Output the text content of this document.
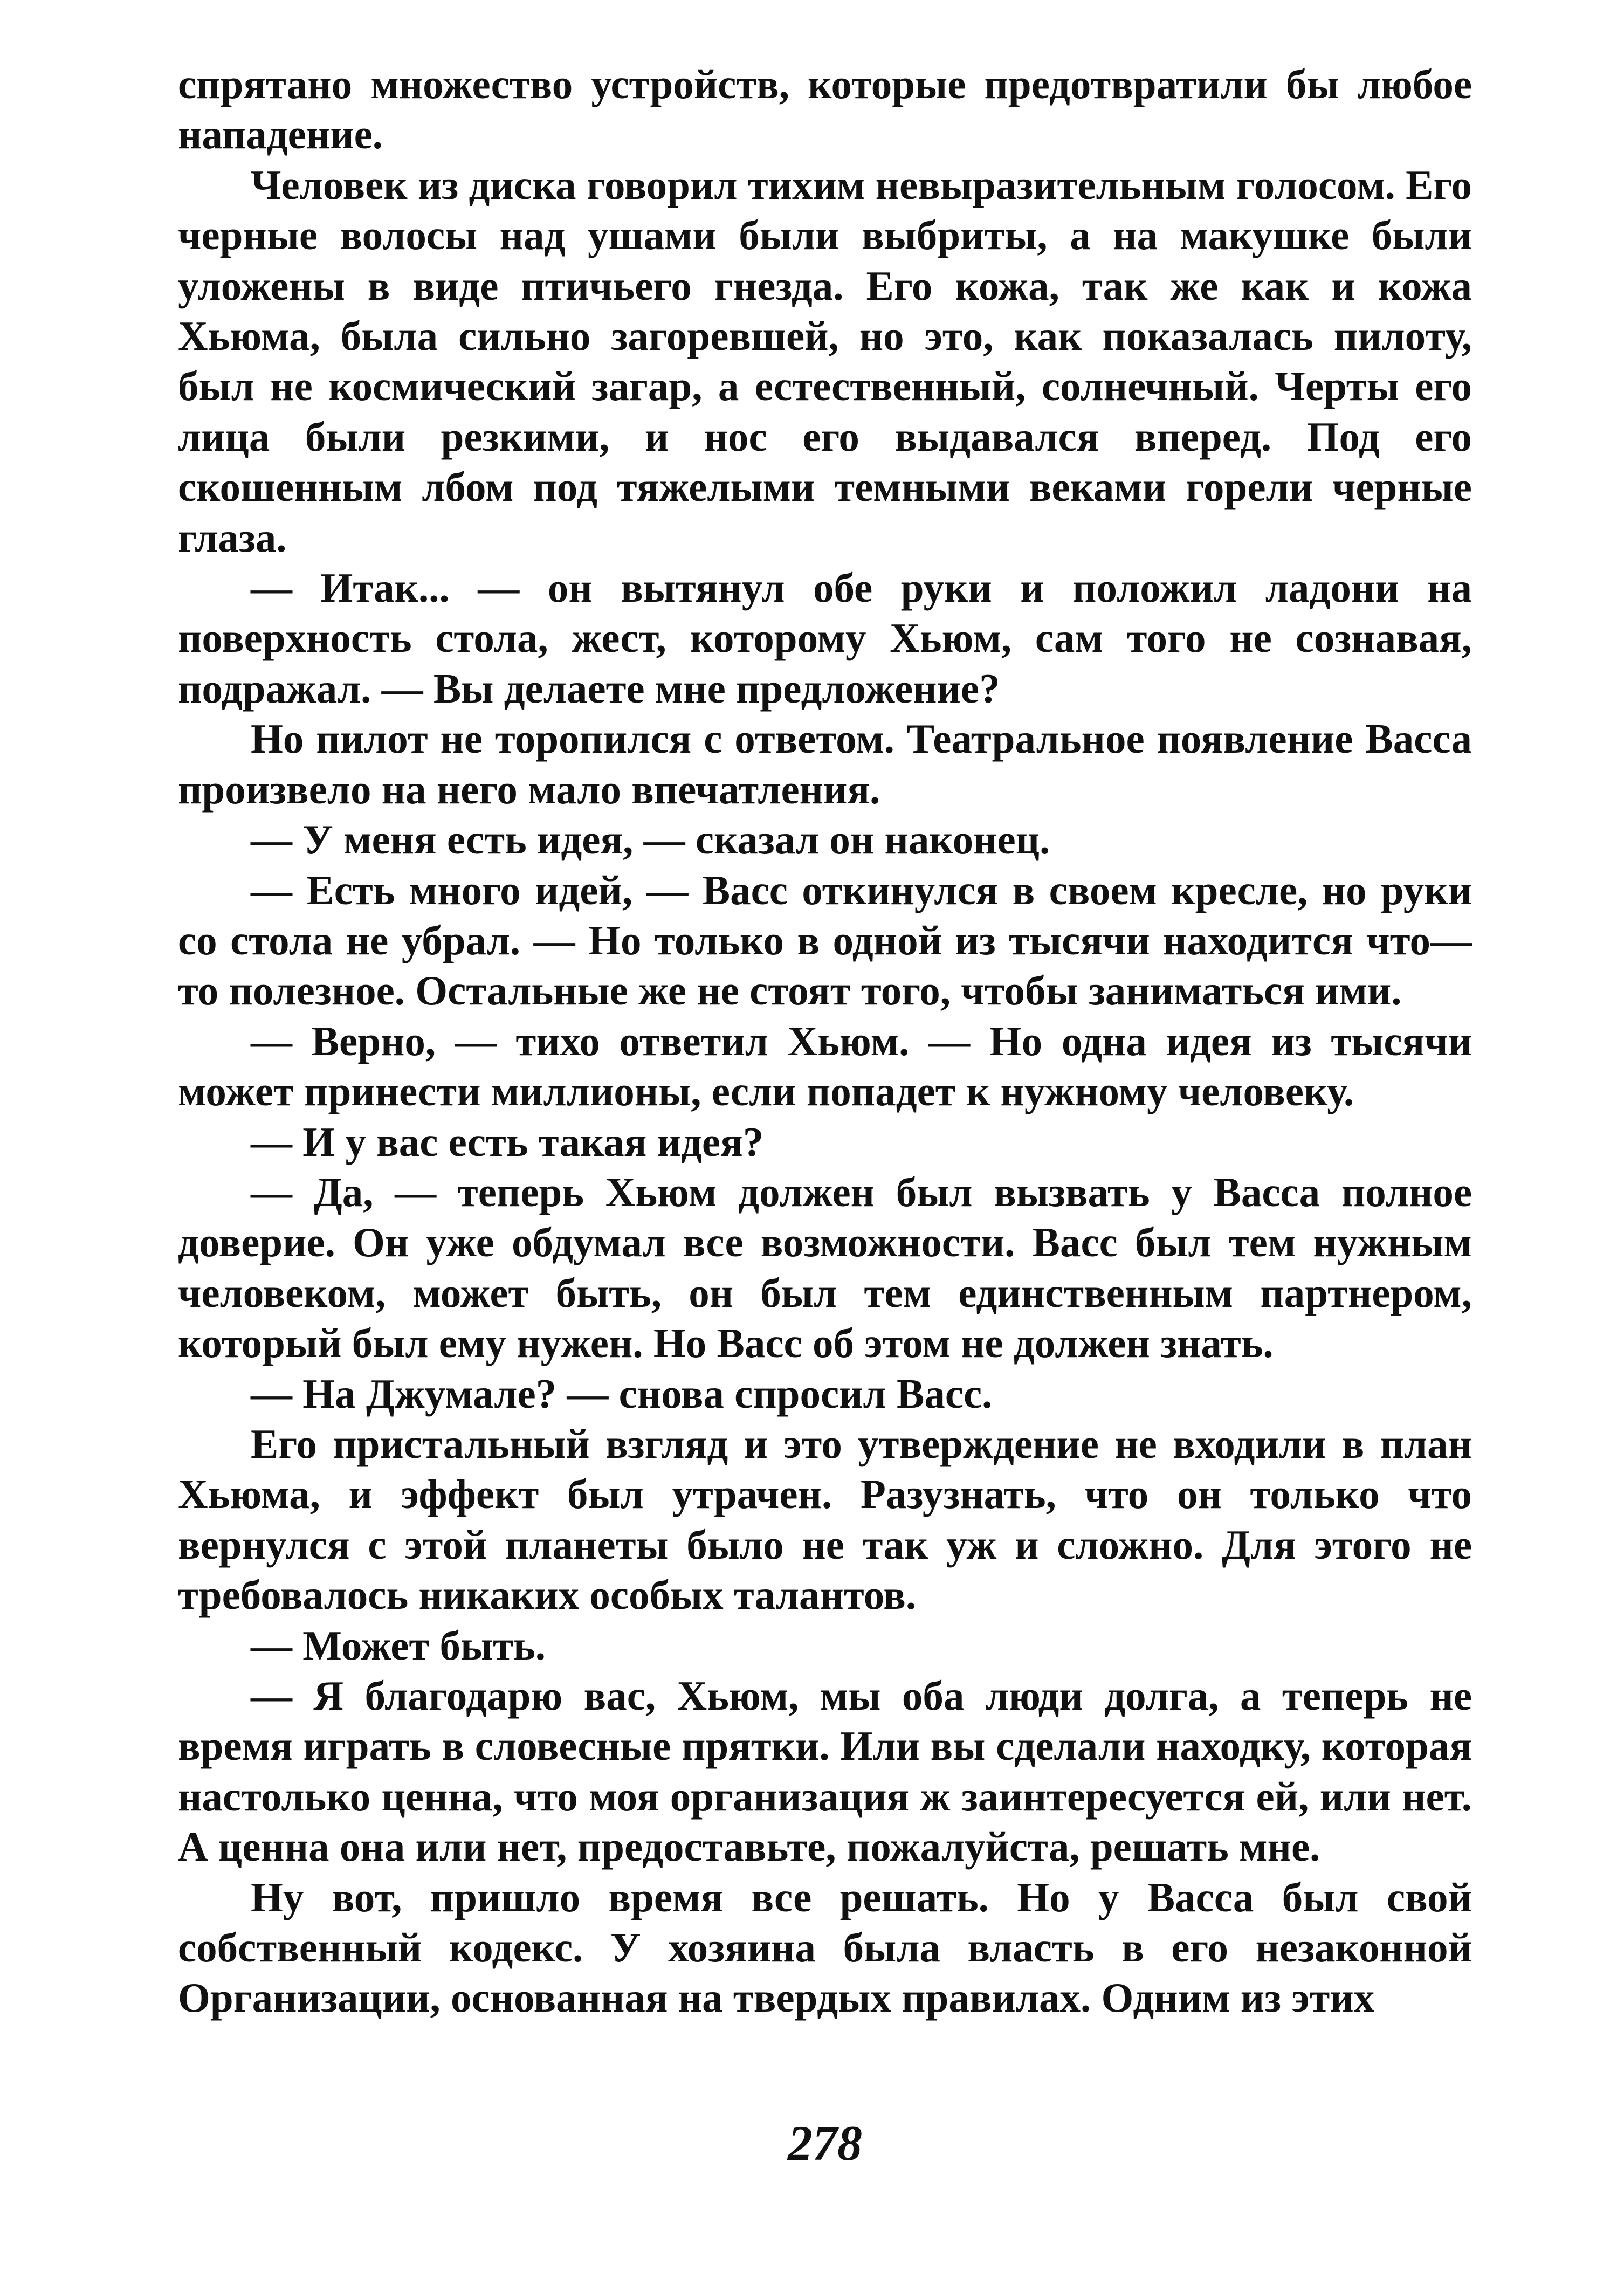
спрятано множество устройств, которые предотвратили бы любое нападение.

Человек из диска говорил тихим невыразительным голосом. Его черные волосы над ушами были выбриты, а на макушке были уложены в виде птичьего гнезда. Его кожа, так же как и кожа Хьюма, была сильно загоревшей, но это, как показалась пилоту, был не космический загар, а естественный, солнечный. Черты его лица были резкими, и нос его выдавался вперед. Под его скошенным лбом под тяжелыми темными веками горели черные глаза.

— Итак... — он вытянул обе руки и положил ладони на поверхность стола, жест, которому Хьюм, сам того не сознавая, подражал. — Вы делаете мне предложение?

Но пилот не торопился с ответом. Театральное появление Васса произвело на него мало впечатления.

— У меня есть идея, — сказал он наконец.

— Есть много идей, — Васс откинулся в своем кресле, но руки со стола не убрал. — Но только в одной из тысячи находится что—то полезное. Остальные же не стоят того, чтобы заниматься ими.

— Верно, — тихо ответил Хьюм. — Но одна идея из тысячи может принести миллионы, если попадет к нужному человеку.

— И у вас есть такая идея?

— Да, — теперь Хьюм должен был вызвать у Васса полное доверие. Он уже обдумал все возможности. Васс был тем нужным человеком, может быть, он был тем единственным партнером, который был ему нужен. Но Васс об этом не должен знать.

— На Джумале? — снова спросил Васс.

Его пристальный взгляд и это утверждение не входили в план Хьюма, и эффект был утрачен. Разузнать, что он только что вернулся с этой планеты было не так уж и сложно. Для этого не требовалось никаких особых талантов.

— Может быть.

— Я благодарю вас, Хьюм, мы оба люди долга, а теперь не время играть в словесные прятки. Или вы сделали находку, которая настолько ценна, что моя организация ж заинтересуется ей, или нет. А ценна она или нет, предоставьте, пожалуйста, решать мне.

Ну вот, пришло время все решать. Но у Васса был свой собственный кодекс. У хозяина была власть в его незаконной Организации, основанная на твердых правилах. Одним из этих

278
